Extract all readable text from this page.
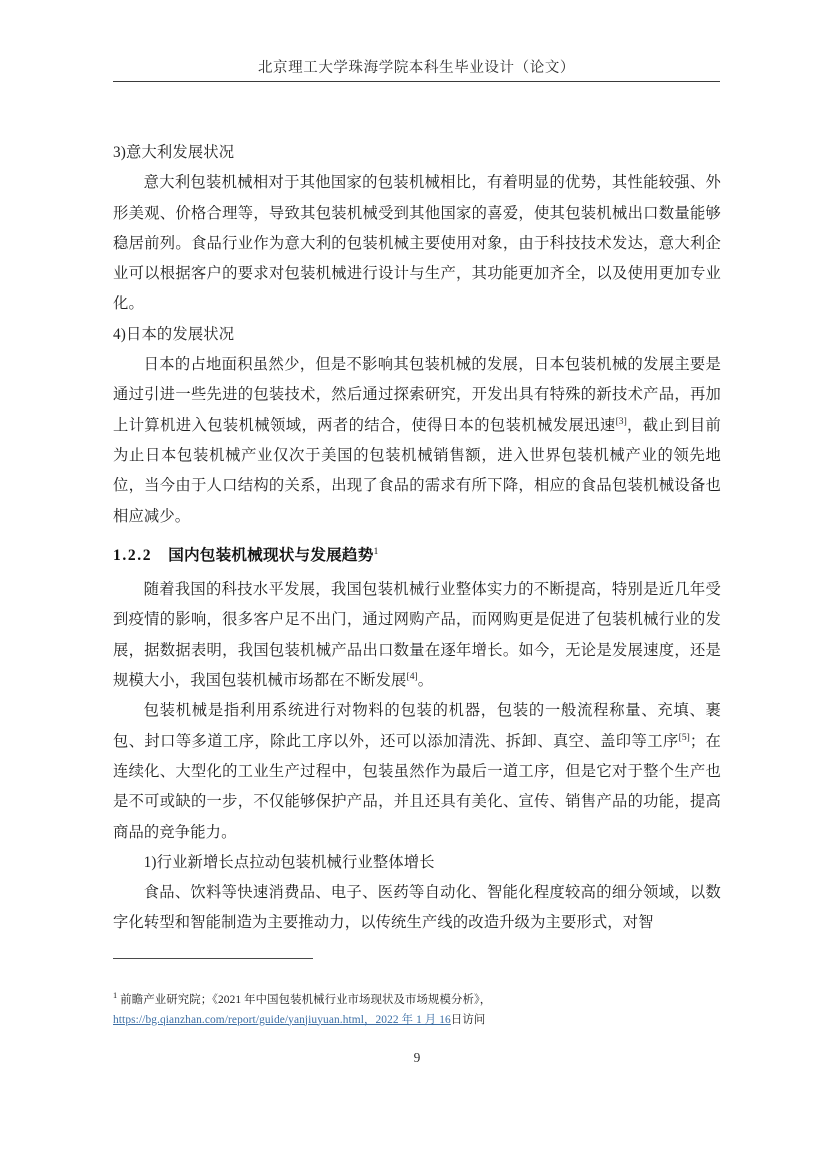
北京理工大学珠海学院本科生毕业设计（论文）

3)意大利发展状况

意大利包装机械相对于其他国家的包装机械相比，有着明显的优势，其性能较强、外形美观、价格合理等，导致其包装机械受到其他国家的喜爱，使其包装机械出口数量能够稳居前列。食品行业作为意大利的包装机械主要使用对象，由于科技技术发达，意大利企业可以根据客户的要求对包装机械进行设计与生产，其功能更加齐全，以及使用更加专业化。

4)日本的发展状况

日本的占地面积虽然少，但是不影响其包装机械的发展，日本包装机械的发展主要是通过引进一些先进的包装技术，然后通过探索研究，开发出具有特殊的新技术产品，再加上计算机进入包装机械领域，两者的结合，使得日本的包装机械发展迅速[3]，截止到目前为止日本包装机械产业仅次于美国的包装机械销售额，进入世界包装机械产业的领先地位，当今由于人口结构的关系，出现了食品的需求有所下降，相应的食品包装机械设备也相应减少。

1.2.2 国内包装机械现状与发展趋势$^1$

随着我国的科技水平发展，我国包装机械行业整体实力的不断提高，特别是近几年受到疫情的影响，很多客户足不出门，通过网购产品，而网购更是促进了包装机械行业的发展，据数据表明，我国包装机械产品出口数量在逐年增长。如今，无论是发展速度，还是规模大小，我国包装机械市场都在不断发展[4]。

包装机械是指利用系统进行对物料的包装的机器，包装的一般流程称量、充填、裹包、封口等多道工序，除此工序以外，还可以添加清洗、拆卸、真空、盖印等工序[5]；在连续化、大型化的工业生产过程中，包装虽然作为最后一道工序，但是它对于整个生产也是不可或缺的一步，不仅能够保护产品，并且还具有美化、宣传、销售产品的功能，提高商品的竞争能力。

1)行业新增长点拉动包装机械行业整体增长

食品、饮料等快速消费品、电子、医药等自动化、智能化程度较高的细分领域，以数字化转型和智能制造为主要推动力，以传统生产线的改造升级为主要形式，对智

$^1$ 前瞻产业研究院；《2021 年中国包装机械行业市场现状及市场规模分析》，
https://bg.qianzhan.com/report/guide/yanjiuyuan.html，2022 年 1 月 16日访问
9
